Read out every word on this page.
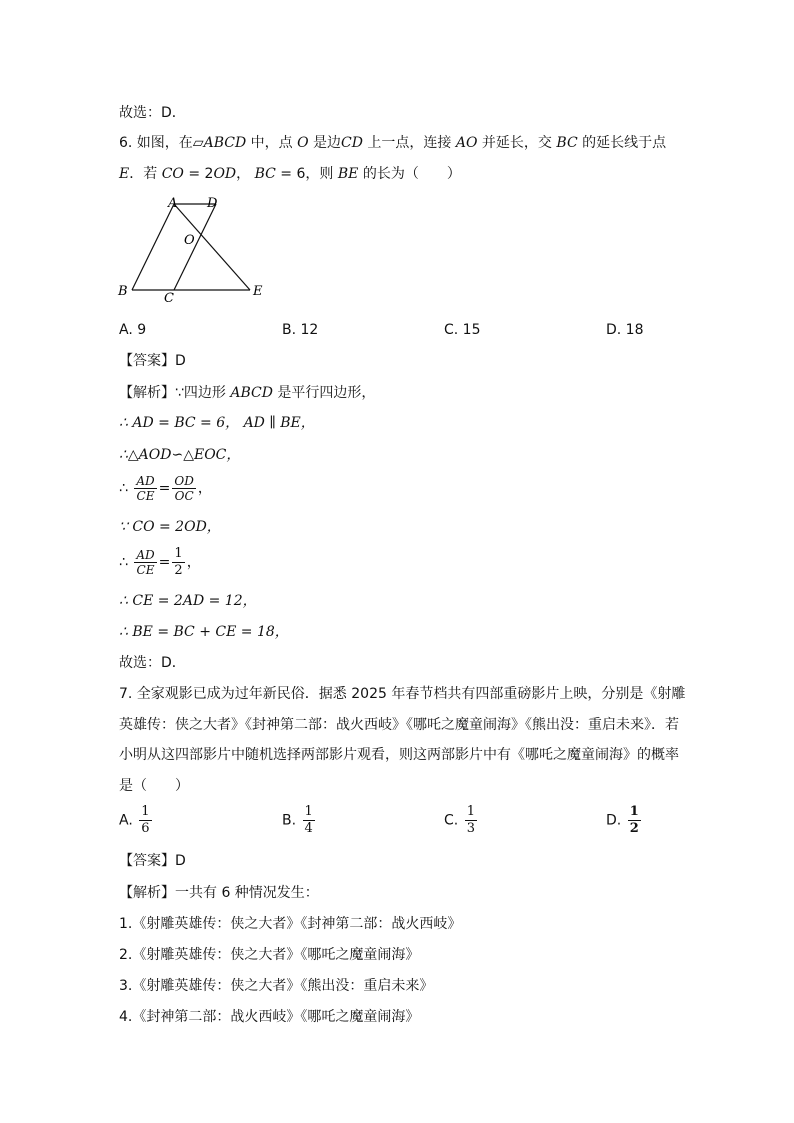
故选：D．
6. 如图，在▱ABCD 中，点 O 是边CD 上一点，连接 AO 并延长，交 BC 的延长线于点
E．若 CO = 2OD， BC = 6，则 BE 的长为（　　）
A D
O
B	C	E
A. 9	B. 12	C. 15	D. 18
【答案】D
【解析】∵四边形 ABCD 是平行四边形，
∴ AD = BC = 6， AD ∥ BE，
∴△AOD∽△EOC，
∴ $\frac{AD}{CE} = \frac{OD}{OC}$ ，
∵ CO = 2OD，
∴ $\frac{AD}{CE} = \frac{1}{2}$ ，
∴ CE = 2AD = 12，
∴ BE = BC + CE = 18，
故选：D．
7. 全家观影已成为过年新民俗．据悉 2025 年春节档共有四部重磅影片上映，分别是《射雕
英雄传：侠之大者》《封神第二部：战火西岐》《哪吒之魔童闹海》《熊出没：重启未来》．若
小明从这四部影片中随机选择两部影片观看，则这两部影片中有《哪吒之魔童闹海》的概率
是（　　）
A. $\frac{1}{6}$	B. $\frac{1}{4}$	C. $\frac{1}{3}$	D. $\frac{1}{2}$
【答案】D
【解析】一共有 6 种情况发生：
1.《射雕英雄传：侠之大者》《封神第二部：战火西岐》
2.《射雕英雄传：侠之大者》《哪吒之魔童闹海》
3.《射雕英雄传：侠之大者》《熊出没：重启未来》
4.《封神第二部：战火西岐》《哪吒之魔童闹海》
